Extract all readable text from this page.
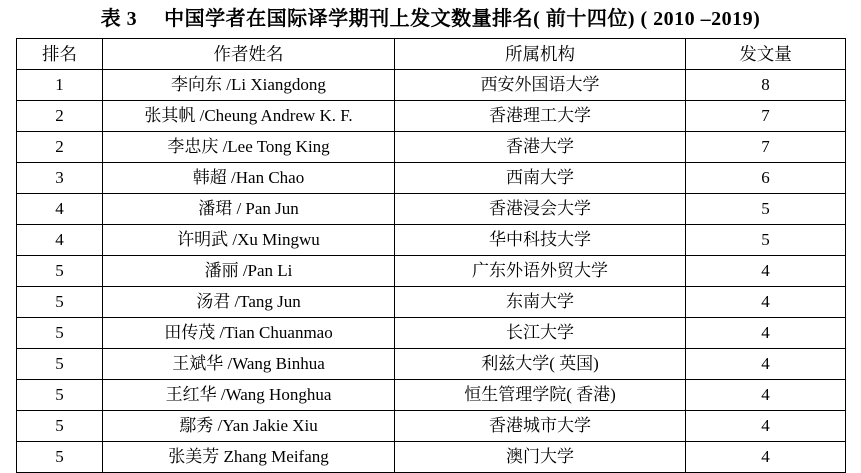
表 3 中国学者在国际译学期刊上发文数量排名( 前十四位) ( 2010 –2019)
排名	作者姓名	所属机构	发文量
1	李向东 /Li Xiangdong	西安外国语大学	8
2	张其帆 /Cheung Andrew K. F.	香港理工大学	7
2	李忠庆 /Lee Tong King	香港大学	7
3	韩超 /Han Chao	西南大学	6
4	潘珺 / Pan Jun	香港浸会大学	5
4	许明武 /Xu Mingwu	华中科技大学	5
5	潘丽 /Pan Li	广东外语外贸大学	4
5	汤君 /Tang Jun	东南大学	4
5	田传茂 /Tian Chuanmao	长江大学	4
5	王斌华 /Wang Binhua	利兹大学( 英国)	4
5	王红华 /Wang Honghua	恒生管理学院( 香港)	4
5	鄢秀 /Yan Jakie Xiu	香港城市大学	4
5	张美芳 Zhang Meifang	澳门大学	4
